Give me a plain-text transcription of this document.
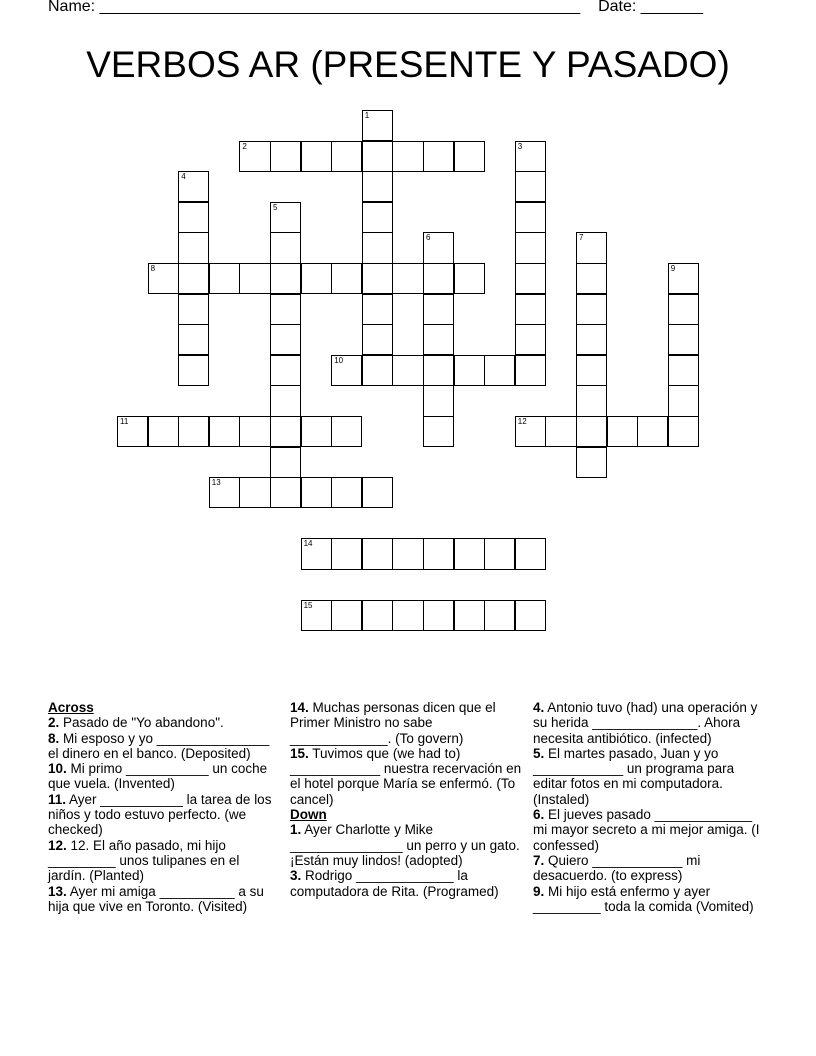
Name: ______________________________________________________ Date: _______
VERBOS AR (PRESENTE Y PASADO)
2
8
10
11	12
13
14
15
1
3
4
5
6	7
9

Across

2. Pasado de "Yo abandono".

8. Mi esposo y yo _______________ el dinero en el banco. (Deposited)

10. Mi primo ___________ un coche que vuela. (Invented)

11. Ayer ___________ la tarea de los niños y todo estuvo perfecto. (we checked)

12. 12. El año pasado, mi hijo _________ unos tulipanes en el jardín. (Planted)

13. Ayer mi amiga __________ a su hija que vive en Toronto. (Visited)

14. Muchas personas dicen que el Primer Ministro no sabe _____________. (To govern)

15. Tuvimos que (we had to) ____________ nuestra recervación en el hotel porque María se enfermó. (To cancel)

Down

1. Ayer Charlotte y Mike _______________ un perro y un gato. ¡Están muy lindos! (adopted)

3. Rodrigo _____________ la computadora de Rita. (Programed)

4. Antonio tuvo (had) una operación y su herida ______________. Ahora necesita antibiótico. (infected)

5. El martes pasado, Juan y yo ____________ un programa para editar fotos en mi computadora.(Instaled)

6. El jueves pasado _____________ mi mayor secreto a mi mejor amiga. (I confessed)

7. Quiero ____________ mi desacuerdo. (to express)

9. Mi hijo está enfermo y ayer _________ toda la comida (Vomited)
